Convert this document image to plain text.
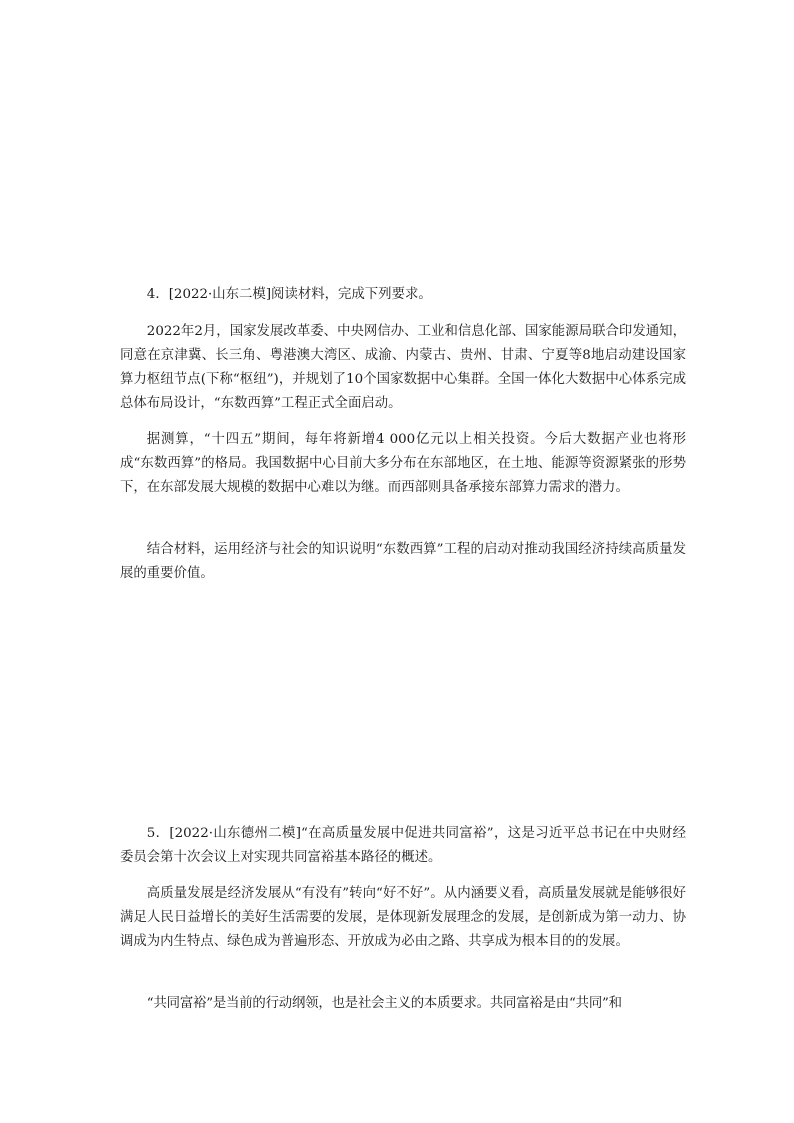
4．[2022·山东二模]阅读材料，完成下列要求。

2022年2月，国家发展改革委、中央网信办、工业和信息化部、国家能源局联合印发通知，同意在京津冀、长三角、粤港澳大湾区、成渝、内蒙古、贵州、甘肃、宁夏等8地启动建设国家算力枢纽节点(下称“枢纽”)，并规划了10个国家数据中心集群。全国一体化大数据中心体系完成总体布局设计，“东数西算”工程正式全面启动。

据测算，“十四五”期间，每年将新增4 000亿元以上相关投资。今后大数据产业也将形成“东数西算”的格局。我国数据中心目前大多分布在东部地区，在土地、能源等资源紧张的形势下，在东部发展大规模的数据中心难以为继。而西部则具备承接东部算力需求的潜力。

结合材料，运用经济与社会的知识说明“东数西算”工程的启动对推动我国经济持续高质量发展的重要价值。

5．[2022·山东德州二模]“在高质量发展中促进共同富裕”，这是习近平总书记在中央财经委员会第十次会议上对实现共同富裕基本路径的概述。

高质量发展是经济发展从“有没有”转向“好不好”。从内涵要义看，高质量发展就是能够很好满足人民日益增长的美好生活需要的发展，是体现新发展理念的发展，是创新成为第一动力、协调成为内生特点、绿色成为普遍形态、开放成为必由之路、共享成为根本目的的发展。

“共同富裕”是当前的行动纲领，也是社会主义的本质要求。共同富裕是由“共同”和
